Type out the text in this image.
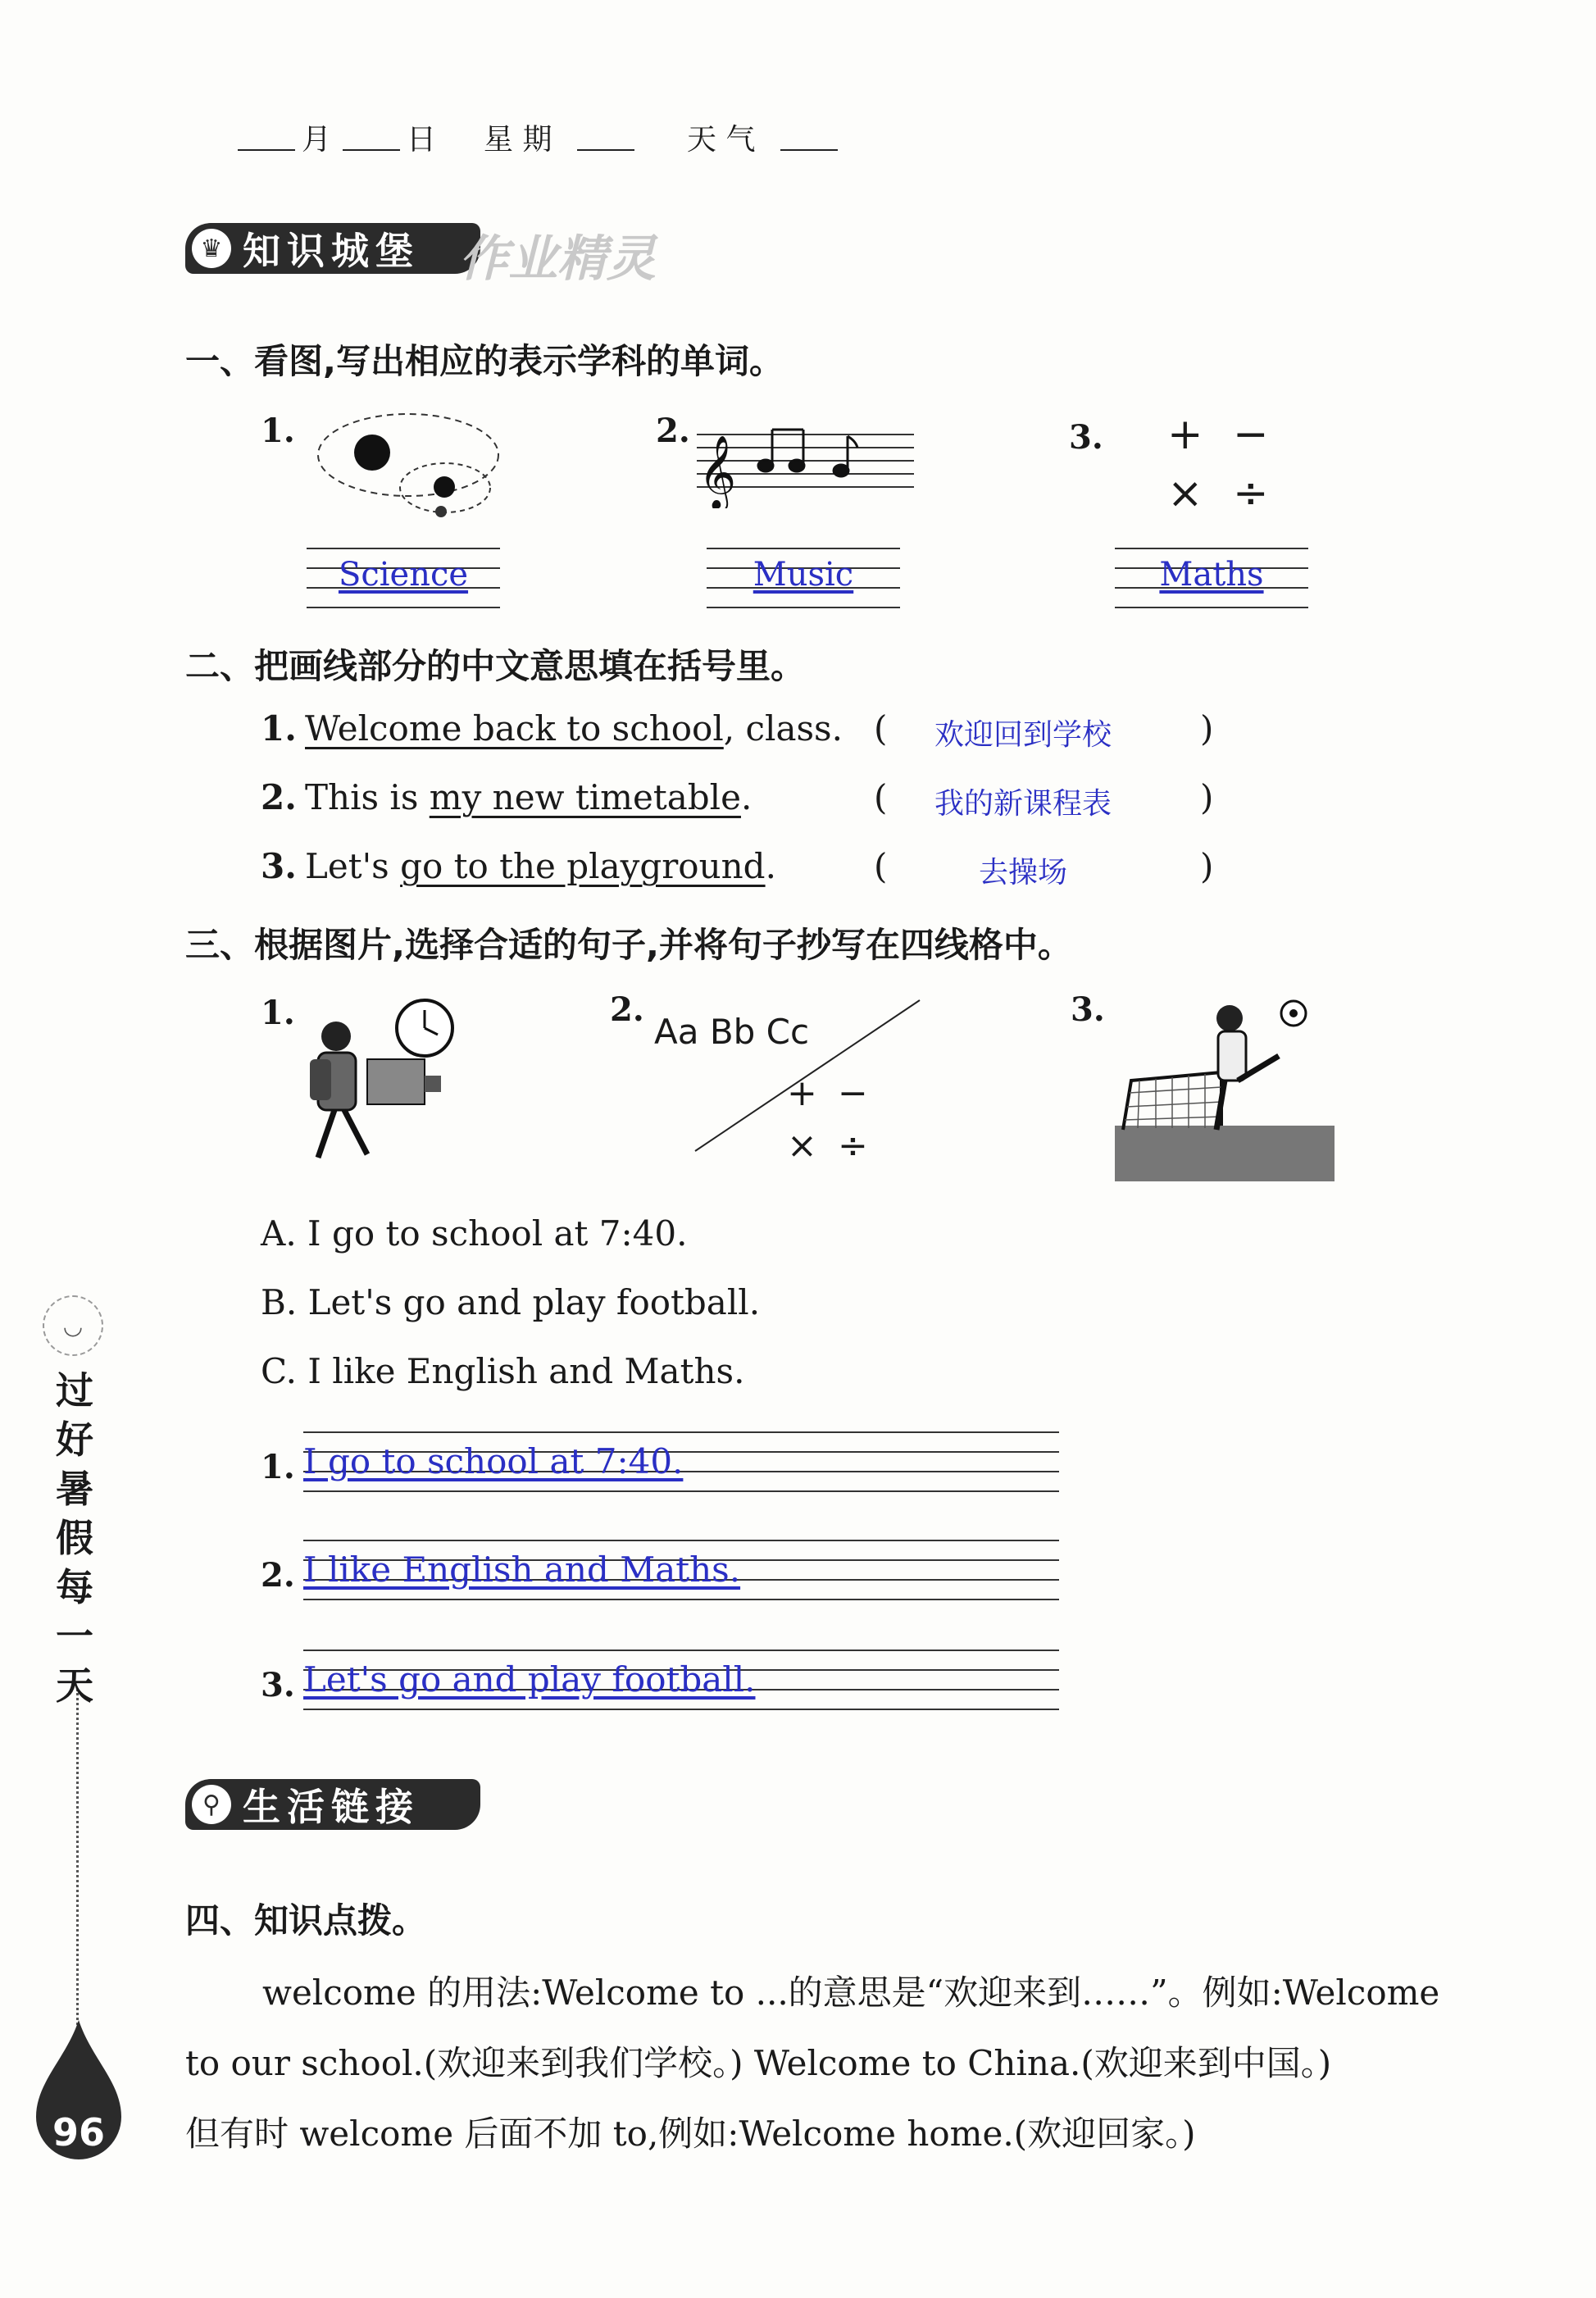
月	日 星 期	天 气
♛ 知识城堡 作业精灵
一、看图,写出相应的表示学科的单词。
1.
Science
2.
𝄞
Music
3. + −
× ÷
Maths
二、把画线部分的中文意思填在括号里。
1. Welcome back to school, class. (	欢迎回到学校	)
2. This is my new timetable.	(	我的新课程表	)
3. Let's go to the playground.	(	去操场	)
三、根据图片,选择合适的句子,并将句子抄写在四线格中。
1.	2.
Aa Bb Cc
+ −
× ÷
3.
A. I go to school at 7:40.
B. Let's go and play football.
C. I like English and Maths.
1. I go to school at 7:40.
2. I like English and Maths.
3. Let's go and play football.
⚲ 生活链接
四、知识点拨。
welcome 的用法:Welcome to ...的意思是“欢迎来到……”。例如:Welcome
to our school.(欢迎来到我们学校。) Welcome to China.(欢迎来到中国。)
但有时 welcome 后面不加 to,例如:Welcome home.(欢迎回家。)
◡
过
好
暑
假
每
一
天
96
